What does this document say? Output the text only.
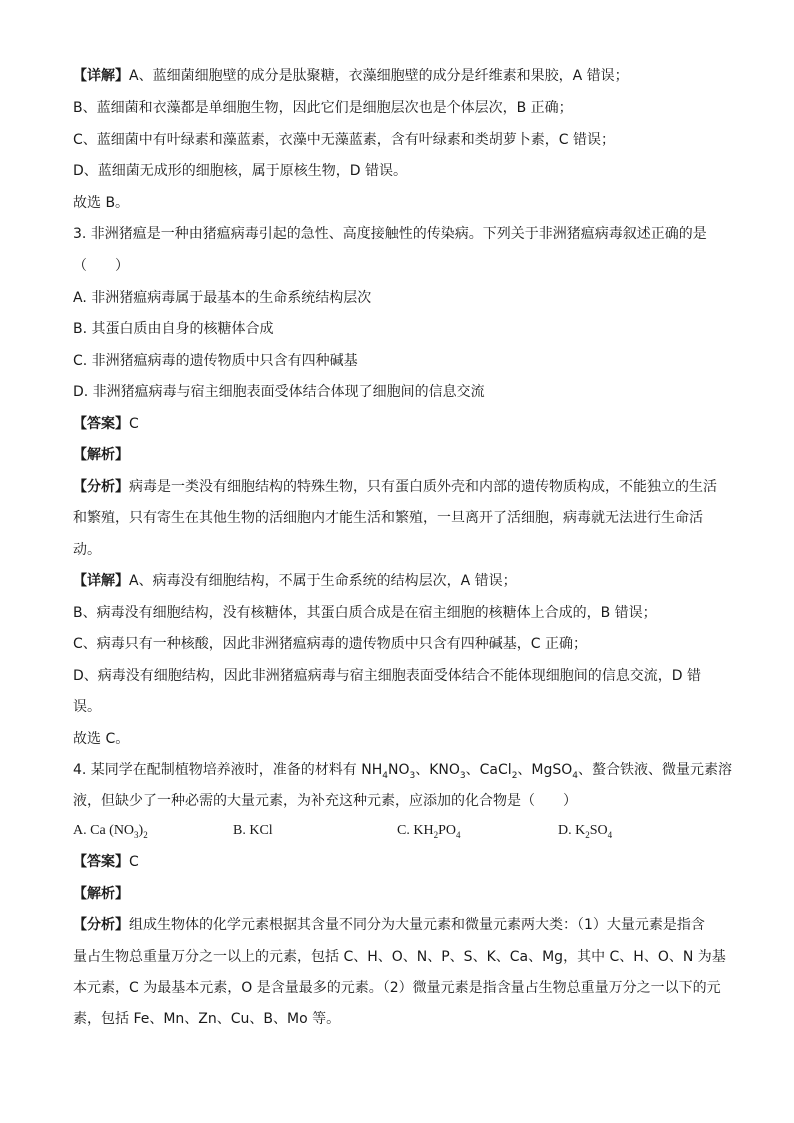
【详解】A、蓝细菌细胞壁的成分是肽聚糖，衣藻细胞壁的成分是纤维素和果胶，A 错误；
B、蓝细菌和衣藻都是单细胞生物，因此它们是细胞层次也是个体层次，B 正确；
C、蓝细菌中有叶绿素和藻蓝素，衣藻中无藻蓝素，含有叶绿素和类胡萝卜素，C 错误；
D、蓝细菌无成形的细胞核，属于原核生物，D 错误。
故选 B。
3. 非洲猪瘟是一种由猪瘟病毒引起的急性、高度接触性的传染病。下列关于非洲猪瘟病毒叙述正确的是
（　　）
A. 非洲猪瘟病毒属于最基本的生命系统结构层次
B. 其蛋白质由自身的核糖体合成
C. 非洲猪瘟病毒的遗传物质中只含有四种碱基
D. 非洲猪瘟病毒与宿主细胞表面受体结合体现了细胞间的信息交流
【答案】C
【解析】
【分析】病毒是一类没有细胞结构的特殊生物，只有蛋白质外壳和内部的遗传物质构成，不能独立的生活
和繁殖，只有寄生在其他生物的活细胞内才能生活和繁殖，一旦离开了活细胞，病毒就无法进行生命活
动。
【详解】A、病毒没有细胞结构，不属于生命系统的结构层次，A 错误；
B、病毒没有细胞结构，没有核糖体，其蛋白质合成是在宿主细胞的核糖体上合成的，B 错误；
C、病毒只有一种核酸，因此非洲猪瘟病毒的遗传物质中只含有四种碱基，C 正确；
D、病毒没有细胞结构，因此非洲猪瘟病毒与宿主细胞表面受体结合不能体现细胞间的信息交流，D 错
误。
故选 C。
4. 某同学在配制植物培养液时，准备的材料有 $NH_4NO_3$、$KNO_3$、CaCl$_2$、MgSO$_4$、螯合铁液、微量元素溶
液，但缺少了一种必需的大量元素，为补充这种元素，应添加的化合物是（　　）
A. Ca $(NO_3)_2$	B. KCl	C. $KH_2PO_4$	D. $K_2SO_4$
【答案】C
【解析】
【分析】组成生物体的化学元素根据其含量不同分为大量元素和微量元素两大类：（1）大量元素是指含
量占生物总重量万分之一以上的元素，包括 C、H、O、N、P、S、K、Ca、Mg，其中 C、H、O、N 为基
本元素，C 为最基本元素，O 是含量最多的元素。（2）微量元素是指含量占生物总重量万分之一以下的元
素，包括 Fe、Mn、Zn、Cu、B、Mo 等。
